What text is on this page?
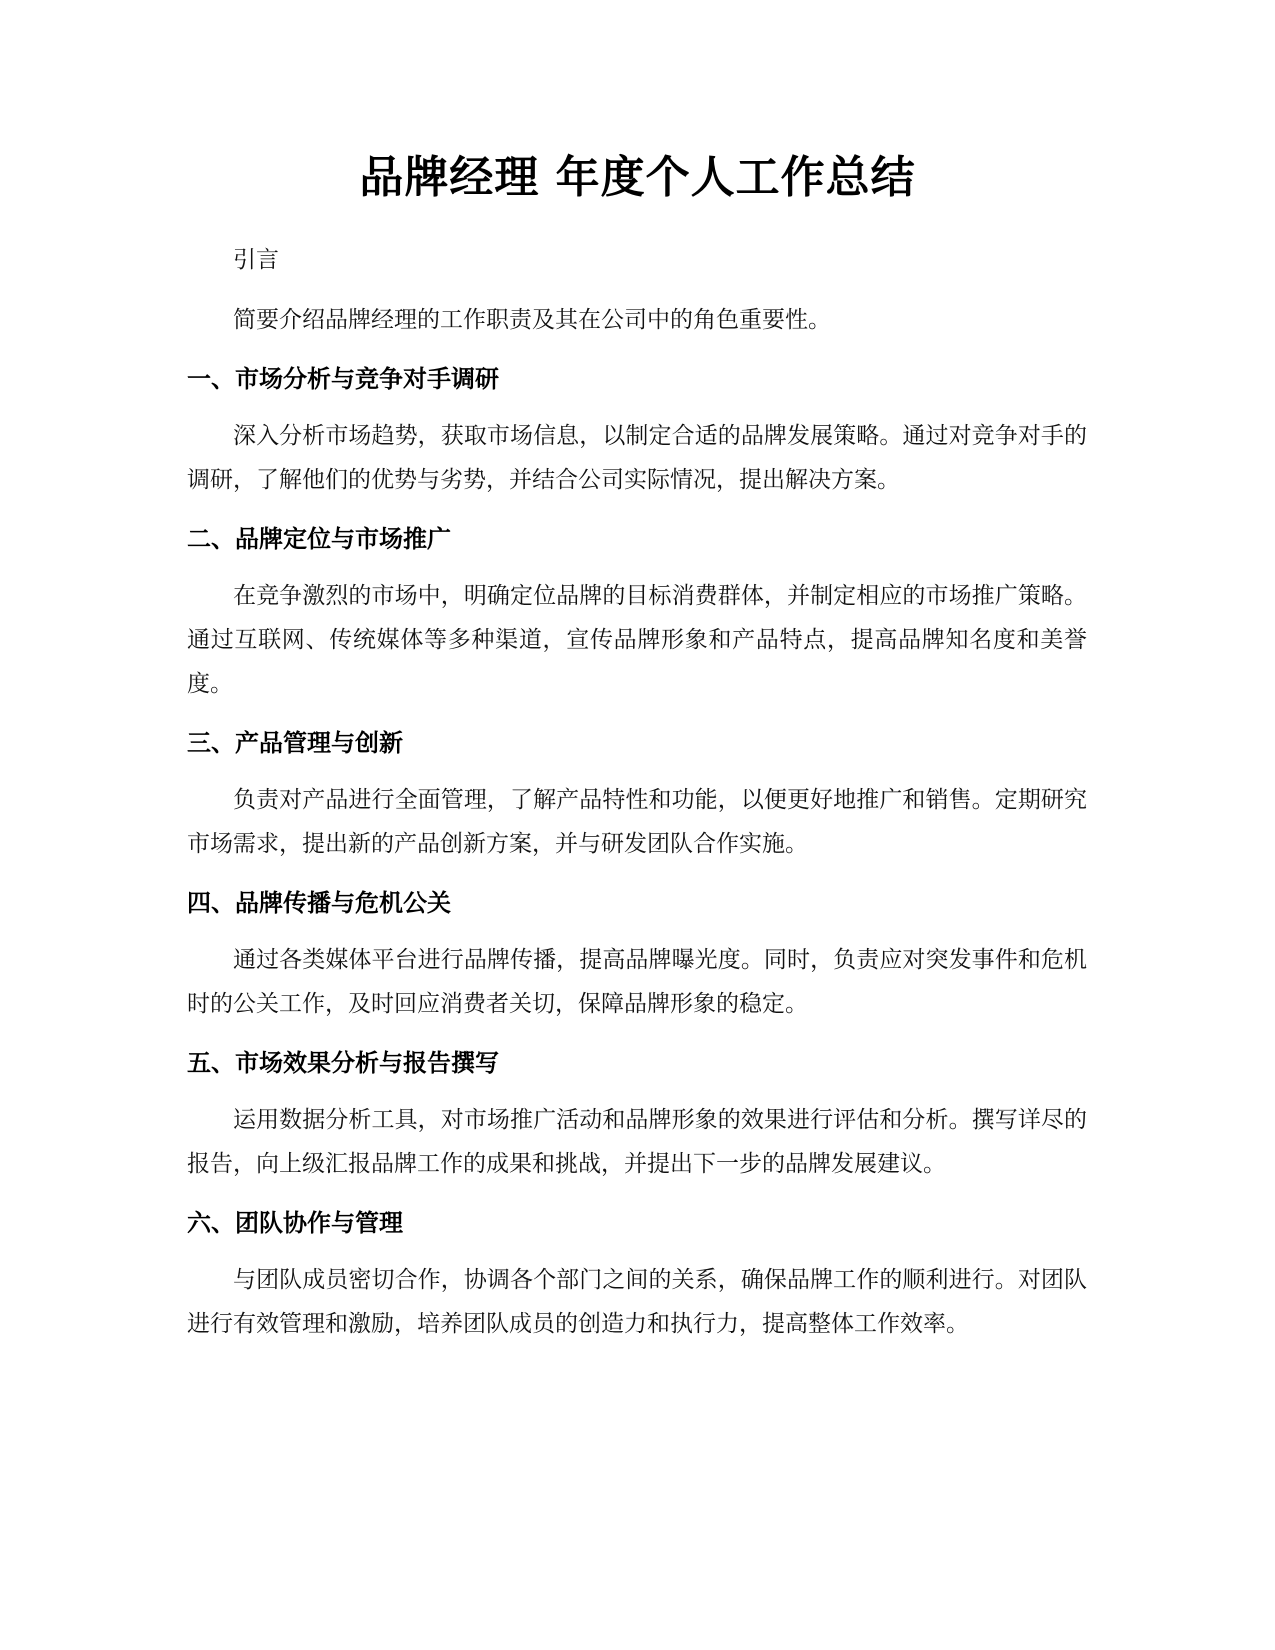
品牌经理 年度个人工作总结

引言

简要介绍品牌经理的工作职责及其在公司中的角色重要性。

一、市场分析与竞争对手调研

深入分析市场趋势，获取市场信息，以制定合适的品牌发展策略。通过对竞争对手的调研，了解他们的优势与劣势，并结合公司实际情况，提出解决方案。

二、品牌定位与市场推广

在竞争激烈的市场中，明确定位品牌的目标消费群体，并制定相应的市场推广策略。通过互联网、传统媒体等多种渠道，宣传品牌形象和产品特点，提高品牌知名度和美誉度。

三、产品管理与创新

负责对产品进行全面管理，了解产品特性和功能，以便更好地推广和销售。定期研究市场需求，提出新的产品创新方案，并与研发团队合作实施。

四、品牌传播与危机公关

通过各类媒体平台进行品牌传播，提高品牌曝光度。同时，负责应对突发事件和危机时的公关工作，及时回应消费者关切，保障品牌形象的稳定。

五、市场效果分析与报告撰写

运用数据分析工具，对市场推广活动和品牌形象的效果进行评估和分析。撰写详尽的报告，向上级汇报品牌工作的成果和挑战，并提出下一步的品牌发展建议。

六、团队协作与管理

与团队成员密切合作，协调各个部门之间的关系，确保品牌工作的顺利进行。对团队进行有效管理和激励，培养团队成员的创造力和执行力，提高整体工作效率。
